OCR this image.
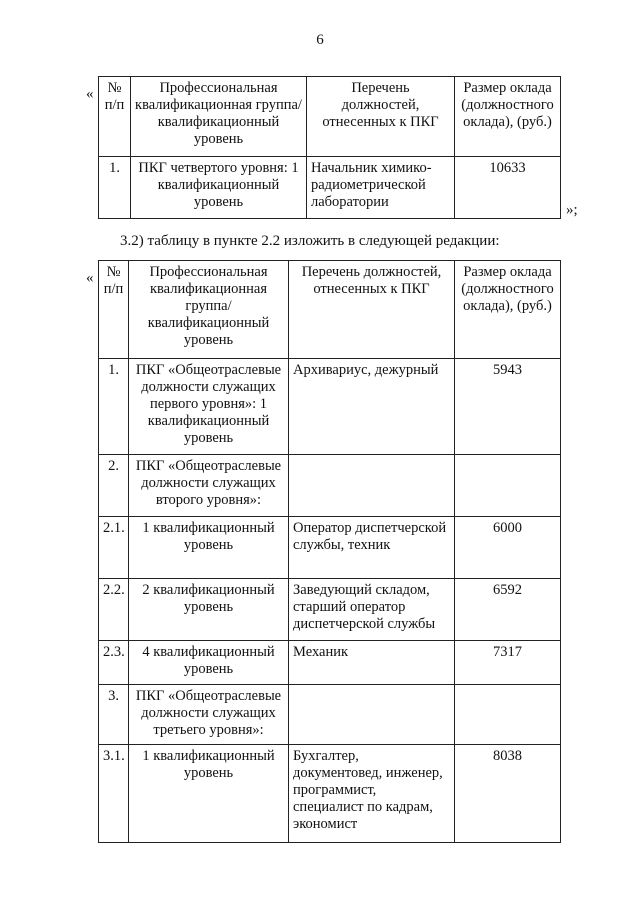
6
« № п/п	Профессиональная квалификационная группа/ квалификационный уровень	Перечень должностей, отнесенных к ПКГ	Размер оклада (должностного оклада), (руб.)
1.	ПКГ четвертого уровня: 1 квалификационный уровень	Начальник химико-радиометрической лаборатории	10633
»;
3.2) таблицу в пункте 2.2 изложить в следующей редакции:
« № п/п	Профессиональная квалификационная группа/ квалификационный уровень	Перечень должностей, отнесенных к ПКГ	Размер оклада (должностного оклада), (руб.)
1.	ПКГ «Общеотраслевые должности служащих первого уровня»: 1 квалификационный уровень	Архивариус, дежурный	5943
2.	ПКГ «Общеотраслевые должности служащих второго уровня»:		
2.1.	1 квалификационный уровень	Оператор диспетчерской службы, техник	6000
2.2.	2 квалификационный уровень	Заведующий складом, старший оператор диспетчерской службы	6592
2.3.	4 квалификационный уровень	Механик	7317
3.	ПКГ «Общеотраслевые должности служащих третьего уровня»:		
3.1.	1 квалификационный уровень	Бухгалтер, документовед, инженер, программист, специалист по кадрам, экономист	8038
